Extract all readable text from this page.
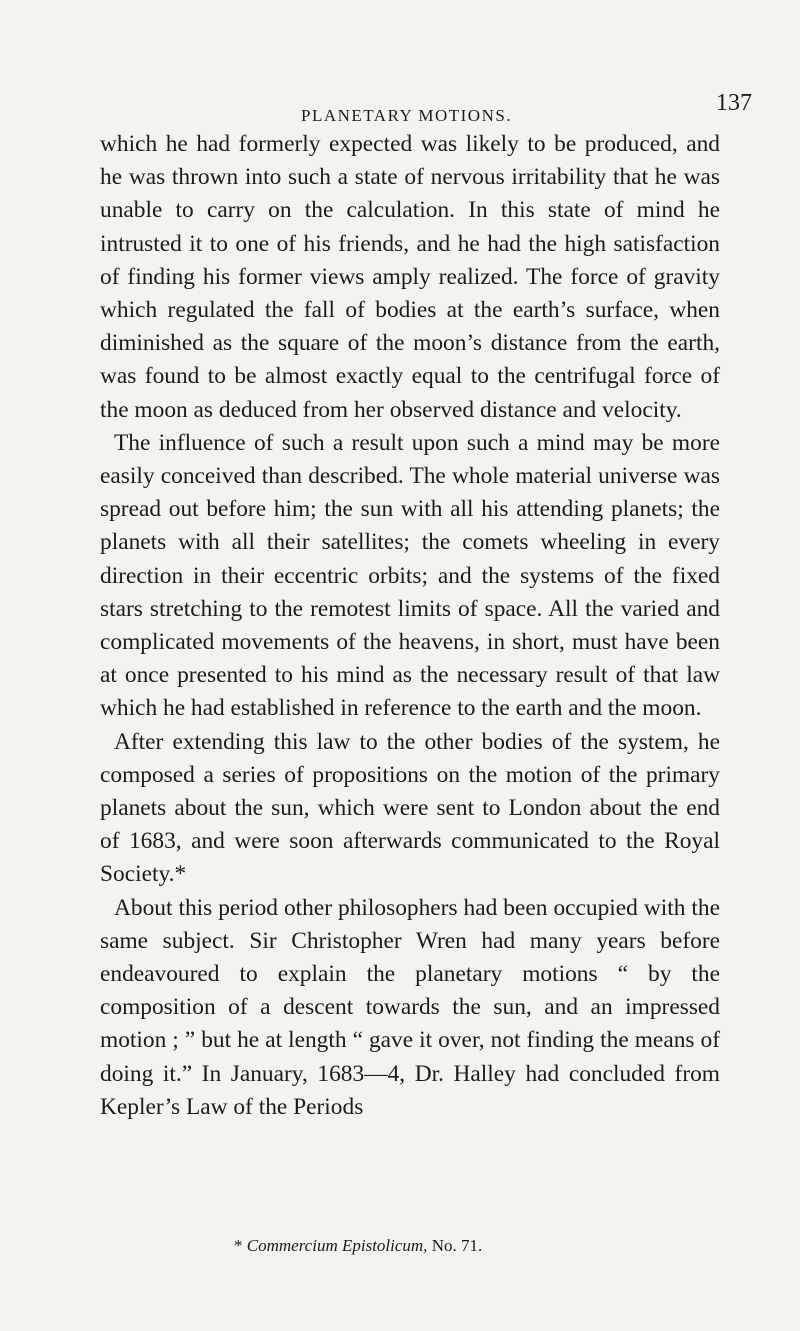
PLANETARY MOTIONS.	137

which he had formerly expected was likely to be produced, and he was thrown into such a state of nervous irritability that he was unable to carry on the calculation. In this state of mind he intrusted it to one of his friends, and he had the high satisfaction of finding his former views amply realized. The force of gravity which regulated the fall of bodies at the earth’s surface, when diminished as the square of the moon’s distance from the earth, was found to be almost exactly equal to the centrifugal force of the moon as deduced from her observed distance and velocity.

The influence of such a result upon such a mind may be more easily conceived than described. The whole material universe was spread out before him; the sun with all his attending planets; the planets with all their satellites; the comets wheeling in every direction in their eccentric orbits; and the systems of the fixed stars stretching to the remotest limits of space. All the varied and complicated movements of the heavens, in short, must have been at once presented to his mind as the necessary result of that law which he had established in reference to the earth and the moon.

After extending this law to the other bodies of the system, he composed a series of propositions on the motion of the primary planets about the sun, which were sent to London about the end of 1683, and were soon afterwards communicated to the Royal Society.*

About this period other philosophers had been occupied with the same subject. Sir Christopher Wren had many years before endeavoured to explain the planetary motions “ by the composition of a descent towards the sun, and an impressed motion ; ” but he at length “ gave it over, not finding the means of doing it.” In January, 1683—4, Dr. Halley had concluded from Kepler’s Law of the Periods

* Commercium Epistolicum, No. 71.
